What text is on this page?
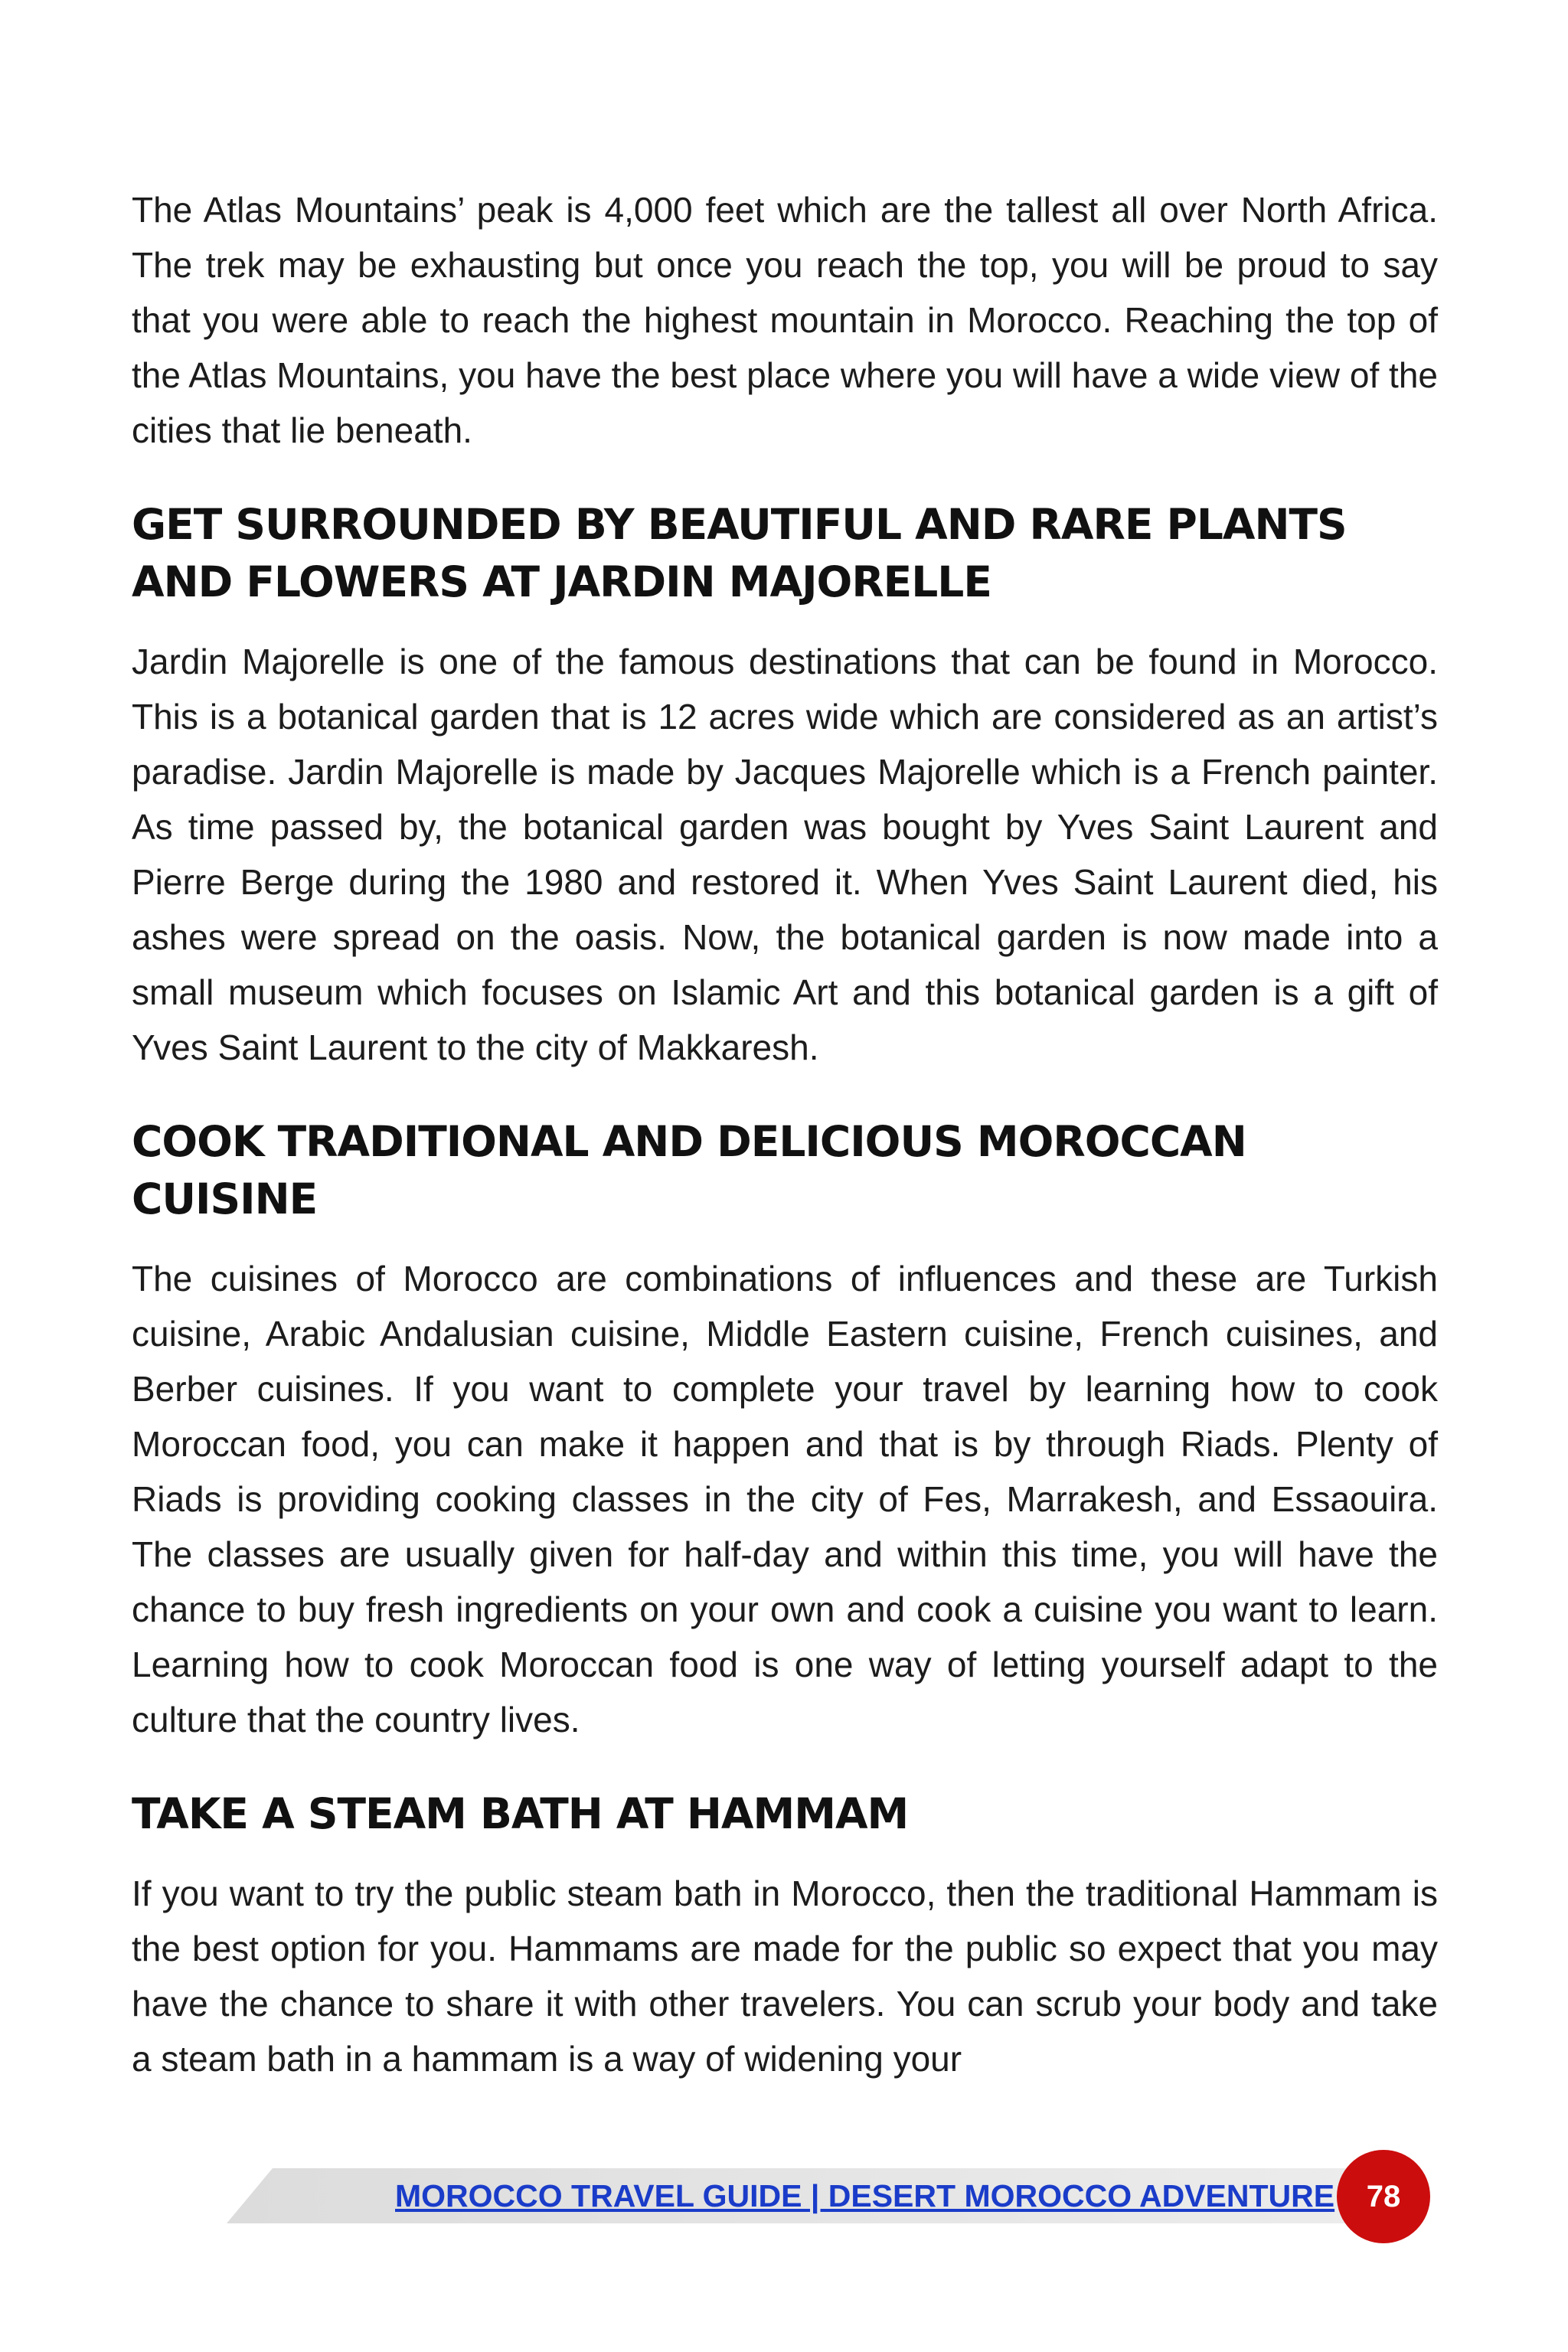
The Atlas Mountains’ peak is 4,000 feet which are the tallest all over North Africa. The trek may be exhausting but once you reach the top, you will be proud to say that you were able to reach the highest mountain in Morocco. Reaching the top of the Atlas Mountains, you have the best place where you will have a wide view of the cities that lie beneath.

GET SURROUNDED BY BEAUTIFUL AND RARE PLANTS AND FLOWERS AT JARDIN MAJORELLE

Jardin Majorelle is one of the famous destinations that can be found in Morocco. This is a botanical garden that is 12 acres wide which are considered as an artist’s paradise. Jardin Majorelle is made by Jacques Majorelle which is a French painter. As time passed by, the botanical garden was bought by Yves Saint Laurent and Pierre Berge during the 1980 and restored it. When Yves Saint Laurent died, his ashes were spread on the oasis. Now, the botanical garden is now made into a small museum which focuses on Islamic Art and this botanical garden is a gift of Yves Saint Laurent to the city of Makkaresh.

COOK TRADITIONAL AND DELICIOUS MOROCCAN CUISINE

The cuisines of Morocco are combinations of influences and these are Turkish cuisine, Arabic Andalusian cuisine, Middle Eastern cuisine, French cuisines, and Berber cuisines. If you want to complete your travel by learning how to cook Moroccan food, you can make it happen and that is by through Riads. Plenty of Riads is providing cooking classes in the city of Fes, Marrakesh, and Essaouira. The classes are usually given for half-day and within this time, you will have the chance to buy fresh ingredients on your own and cook a cuisine you want to learn. Learning how to cook Moroccan food is one way of letting yourself adapt to the culture that the country lives.

TAKE A STEAM BATH AT HAMMAM

If you want to try the public steam bath in Morocco, then the traditional Hammam is the best option for you. Hammams are made for the public so expect that you may have the chance to share it with other travelers. You can scrub your body and take a steam bath in a hammam is a way of widening your

MOROCCO TRAVEL GUIDE | DESERT MOROCCO ADVENTURE	78
